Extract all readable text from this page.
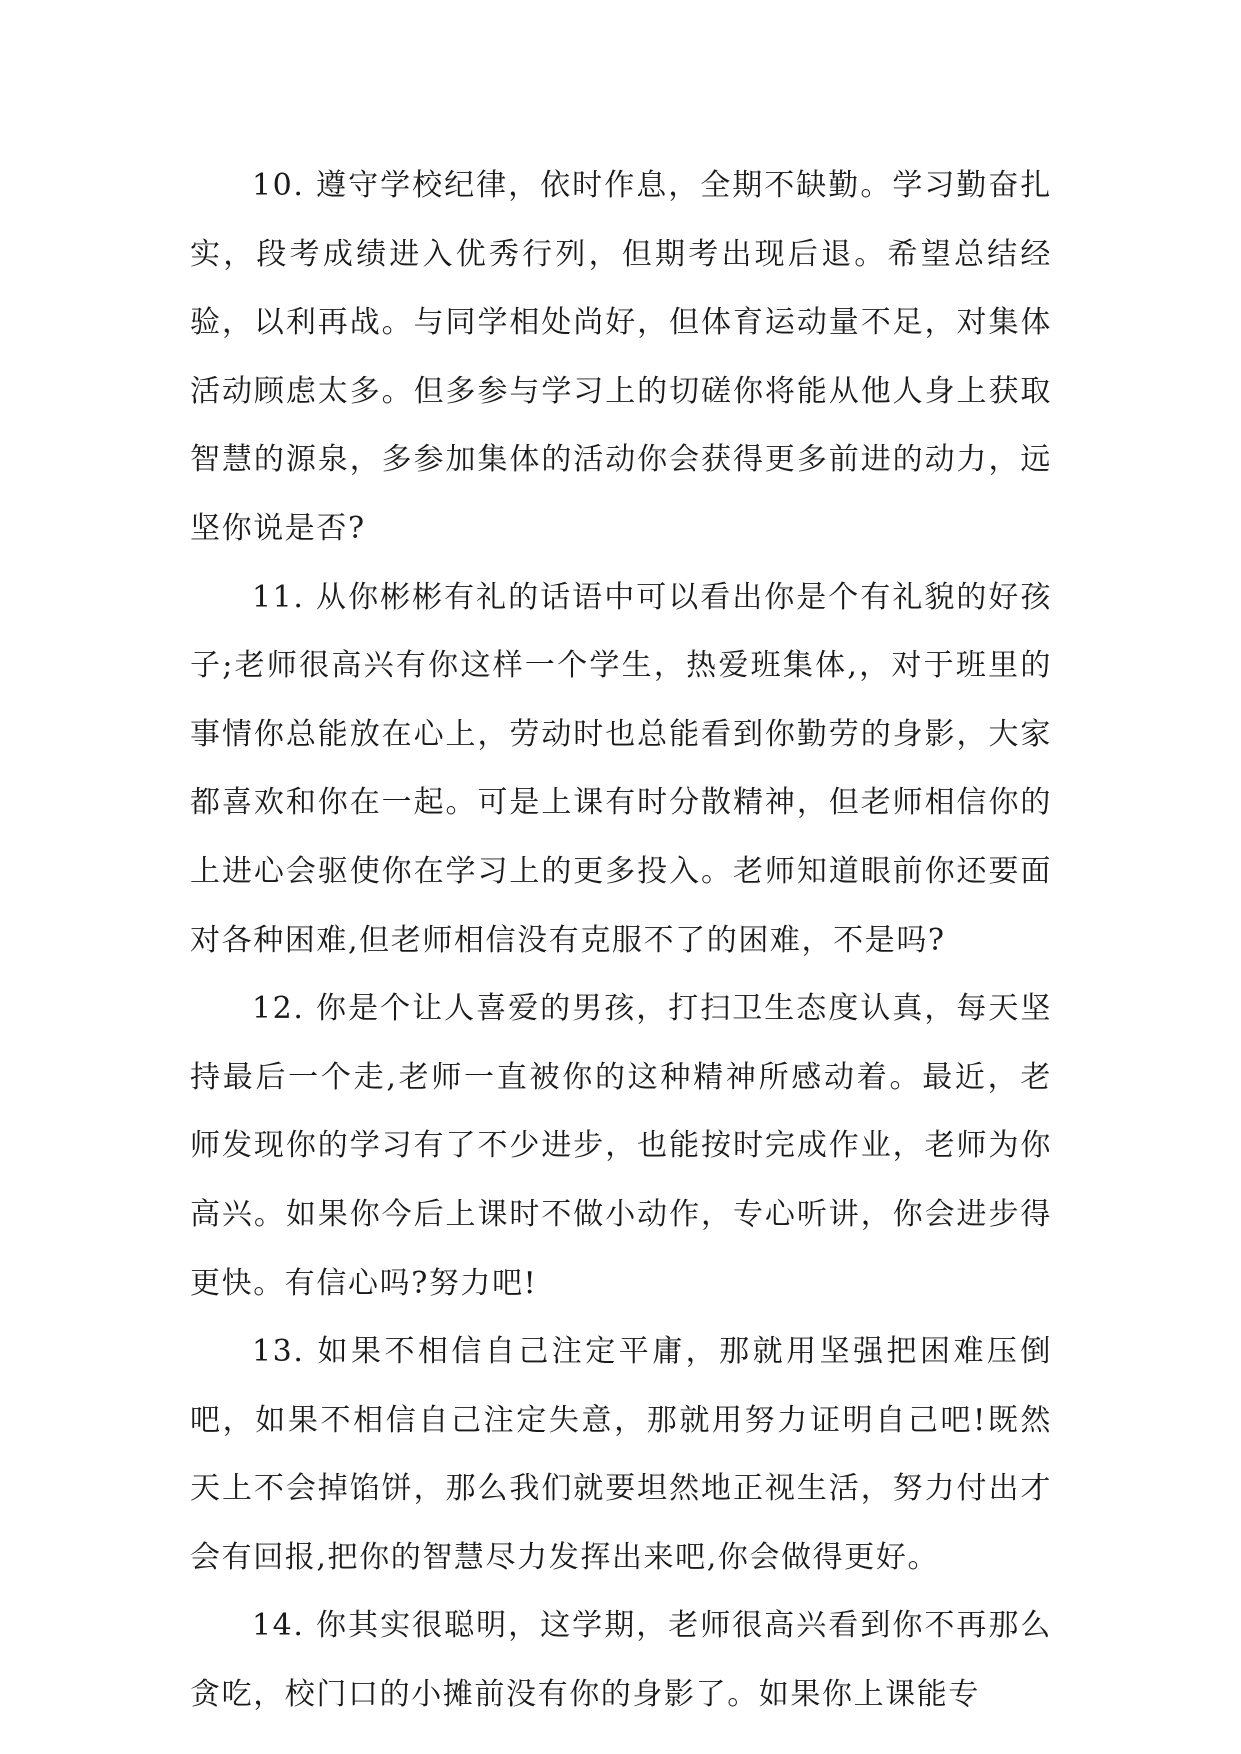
10. 遵守学校纪律，依时作息，全期不缺勤。学习勤奋扎实，段考成绩进入优秀行列，但期考出现后退。希望总结经验，以利再战。与同学相处尚好，但体育运动量不足，对集体活动顾虑太多。但多参与学习上的切磋你将能从他人身上获取智慧的源泉，多参加集体的活动你会获得更多前进的动力，远坚你说是否?

11. 从你彬彬有礼的话语中可以看出你是个有礼貌的好孩子;老师很高兴有你这样一个学生，热爱班集体,，对于班里的事情你总能放在心上，劳动时也总能看到你勤劳的身影，大家都喜欢和你在一起。可是上课有时分散精神，但老师相信你的上进心会驱使你在学习上的更多投入。老师知道眼前你还要面对各种困难,但老师相信没有克服不了的困难，不是吗?

12. 你是个让人喜爱的男孩，打扫卫生态度认真，每天坚持最后一个走,老师一直被你的这种精神所感动着。最近，老师发现你的学习有了不少进步，也能按时完成作业，老师为你高兴。如果你今后上课时不做小动作，专心听讲，你会进步得更快。有信心吗?努力吧!

13. 如果不相信自己注定平庸，那就用坚强把困难压倒吧，如果不相信自己注定失意，那就用努力证明自己吧!既然天上不会掉馅饼，那么我们就要坦然地正视生活，努力付出才会有回报,把你的智慧尽力发挥出来吧,你会做得更好。

14. 你其实很聪明，这学期，老师很高兴看到你不再那么贪吃，校门口的小摊前没有你的身影了。如果你上课能专
